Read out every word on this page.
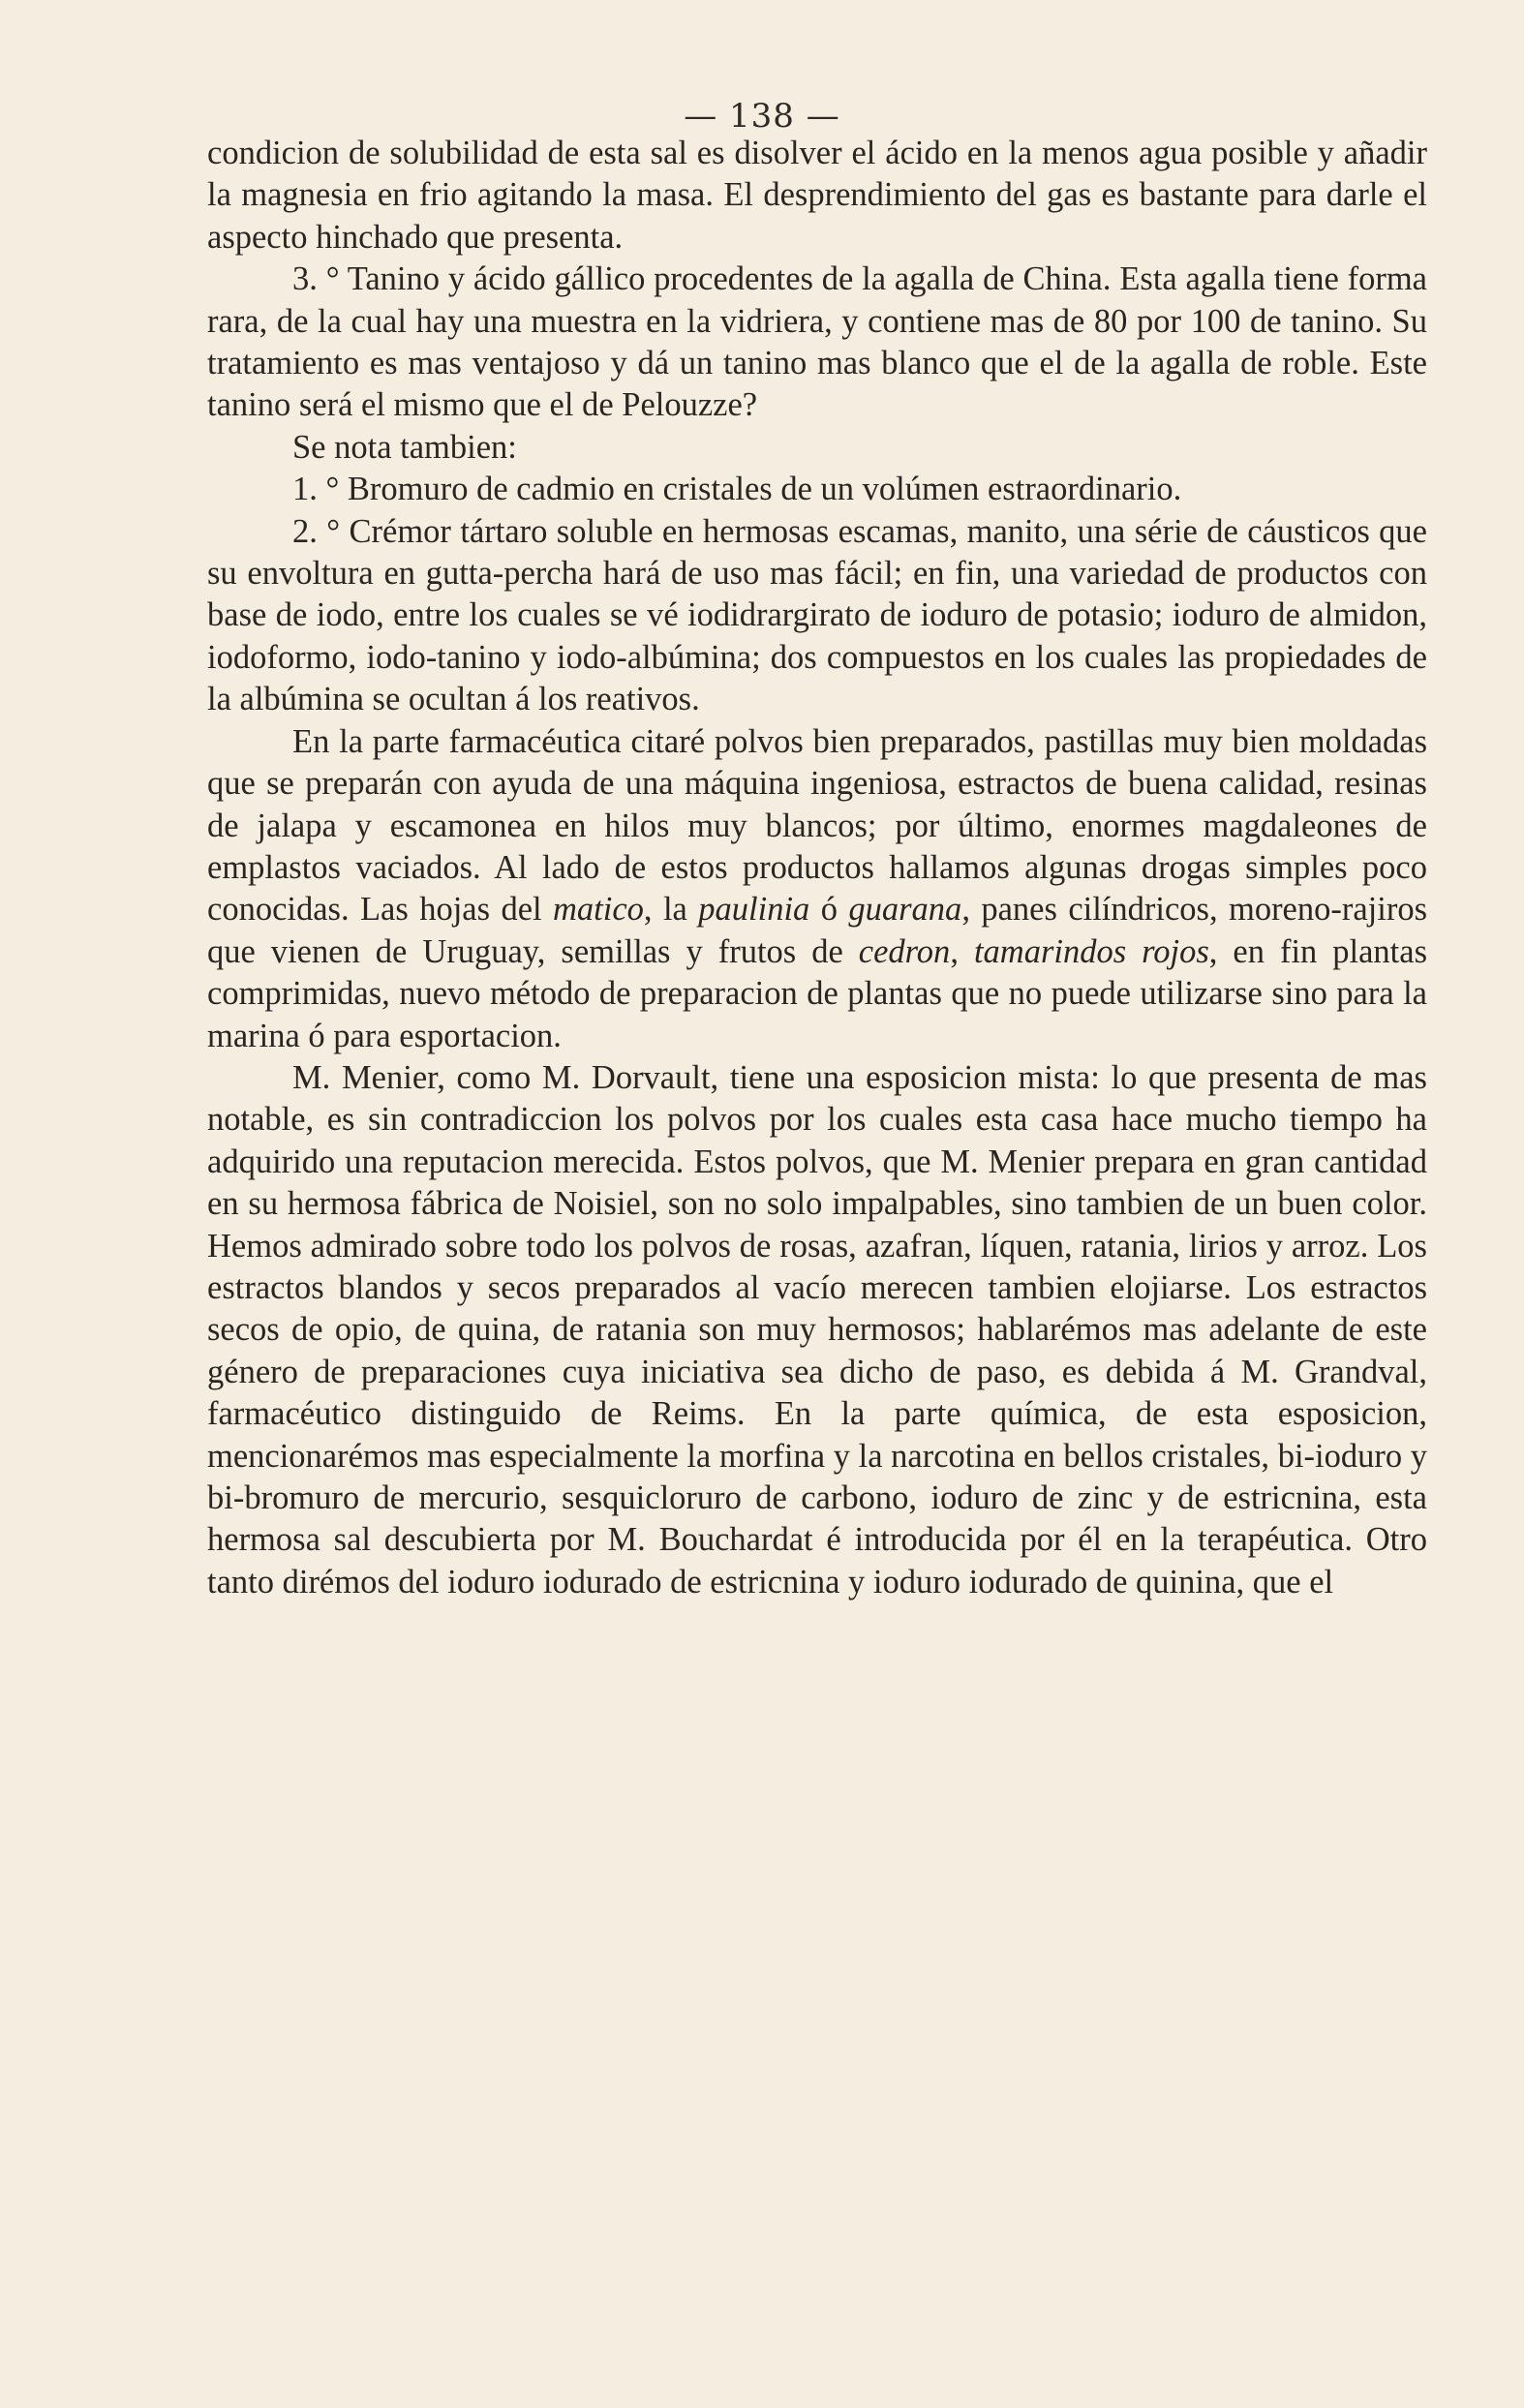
— 138 —

condicion de solubilidad de esta sal es disolver el ácido en la menos agua posible y añadir la magnesia en frio agitando la masa. El desprendimiento del gas es bastante para darle el aspecto hinchado que presenta.

3. ° Tanino y ácido gállico procedentes de la agalla de China. Esta agalla tiene forma rara, de la cual hay una muestra en la vidriera, y contiene mas de 80 por 100 de tanino. Su tratamiento es mas ventajoso y dá un tanino mas blanco que el de la agalla de roble. Este tanino será el mismo que el de Pelouzze?

Se nota tambien:

1. ° Bromuro de cadmio en cristales de un volúmen estraordinario.

2. ° Crémor tártaro soluble en hermosas escamas, manito, una série de cáusticos que su envoltura en gutta-percha hará de uso mas fácil; en fin, una variedad de productos con base de iodo, entre los cuales se vé iodidrargirato de ioduro de potasio; ioduro de almidon, iodoformo, iodo-tanino y iodo-albúmina; dos compuestos en los cuales las propiedades de la albúmina se ocultan á los reativos.

En la parte farmacéutica citaré polvos bien preparados, pastillas muy bien moldadas que se preparán con ayuda de una máquina ingeniosa, estractos de buena calidad, resinas de jalapa y escamonea en hilos muy blancos; por último, enormes magdaleones de emplastos vaciados. Al lado de estos productos hallamos algunas drogas simples poco conocidas. Las hojas del matico, la paulinia ó guarana, panes cilíndricos, moreno-rajiros que vienen de Uruguay, semillas y frutos de cedron, tamarindos rojos, en fin plantas comprimidas, nuevo método de preparacion de plantas que no puede utilizarse sino para la marina ó para esportacion.

M. Menier, como M. Dorvault, tiene una esposicion mista: lo que presenta de mas notable, es sin contradiccion los polvos por los cuales esta casa hace mucho tiempo ha adquirido una reputacion merecida. Estos polvos, que M. Menier prepara en gran cantidad en su hermosa fábrica de Noisiel, son no solo impalpables, sino tambien de un buen color. Hemos admirado sobre todo los polvos de rosas, azafran, líquen, ratania, lirios y arroz. Los estractos blandos y secos preparados al vacío merecen tambien elojiarse. Los estractos secos de opio, de quina, de ratania son muy hermosos; hablarémos mas adelante de este género de preparaciones cuya iniciativa sea dicho de paso, es debida á M. Grandval, farmacéutico distinguido de Reims. En la parte química, de esta esposicion, mencionarémos mas especialmente la morfina y la narcotina en bellos cristales, bi-ioduro y bi-bromuro de mercurio, sesquicloruro de carbono, ioduro de zinc y de estricnina, esta hermosa sal descubierta por M. Bouchardat é introducida por él en la terapéutica. Otro tanto dirémos del ioduro iodurado de estricnina y ioduro iodurado de quinina, que el
